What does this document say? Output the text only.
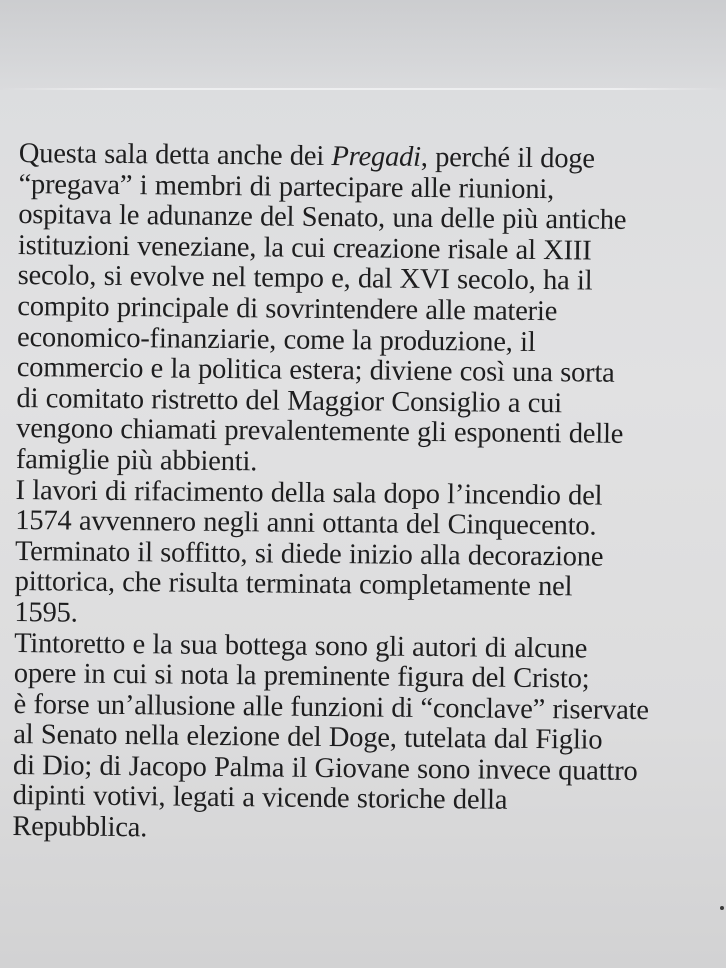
Questa sala detta anche dei Pregadi, perché il doge
“pregava” i membri di partecipare alle riunioni,
ospitava le adunanze del Senato, una delle più antiche
istituzioni veneziane, la cui creazione risale al XIII
secolo, si evolve nel tempo e, dal XVI secolo, ha il
compito principale di sovrintendere alle materie
economico-finanziarie, come la produzione, il
commercio e la politica estera; diviene così una sorta
di comitato ristretto del Maggior Consiglio a cui
vengono chiamati prevalentemente gli esponenti delle
famiglie più abbienti.
I lavori di rifacimento della sala dopo l’incendio del
1574 avvennero negli anni ottanta del Cinquecento.
Terminato il soffitto, si diede inizio alla decorazione
pittorica, che risulta terminata completamente nel
1595.
Tintoretto e la sua bottega sono gli autori di alcune
opere in cui si nota la preminente figura del Cristo;
è forse un’allusione alle funzioni di “conclave” riservate
al Senato nella elezione del Doge, tutelata dal Figlio
di Dio; di Jacopo Palma il Giovane sono invece quattro
dipinti votivi, legati a vicende storiche della
Repubblica.
